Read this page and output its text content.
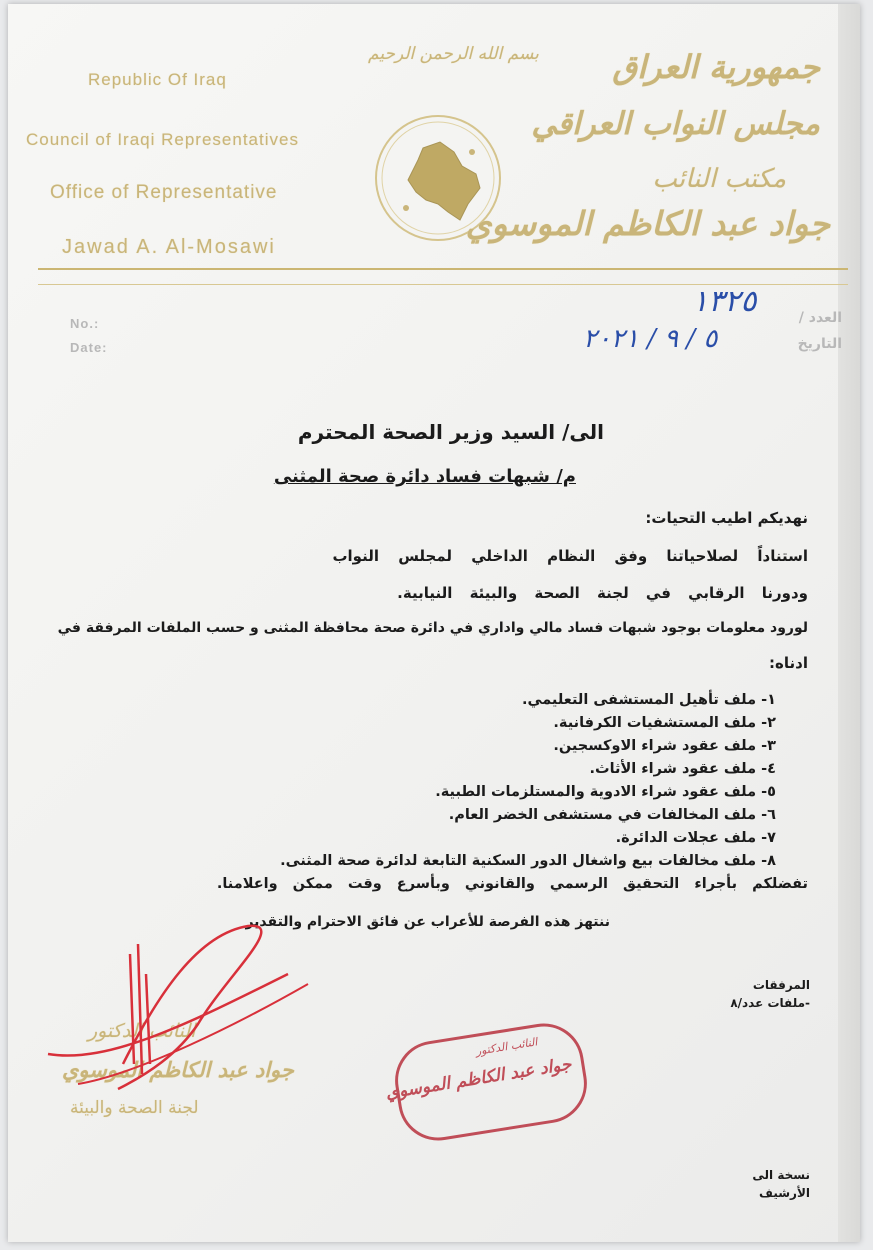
Republic Of Iraq
Council of Iraqi Representatives
Office of Representative
Jawad A. Al-Mosawi
بسم الله الرحمن الرحيم جمهورية العراق
مجلس النواب العراقي
مكتب النائب
جواد عبد الكاظم الموسوي
No.:
Date:
العدد /
التاريخ
١٣٢٥
٥ / ٩ / ٢٠٢١
الى/ السيد وزير الصحة المحترم
م/ شبهات فساد دائرة صحة المثنى
نهديكم اطيب التحيات:
استناداً لصلاحياتنا وفق النظام الداخلي لمجلس النواب
ودورنا الرقابي في لجنة الصحة والبيئة النيابية.
لورود معلومات بوجود شبهات فساد مالي واداري في دائرة صحة محافظة المثنى و حسب الملفات المرفقة في
ادناه:
١- ملف تأهيل المستشفى التعليمي.
٢- ملف المستشفيات الكرفانية.
٣- ملف عقود شراء الاوكسجين.
٤- ملف عقود شراء الأثاث.
٥- ملف عقود شراء الادوية والمستلزمات الطبية.
٦- ملف المخالفات في مستشفى الخضر العام.
٧- ملف عجلات الدائرة.
٨- ملف مخالفات بيع واشغال الدور السكنية التابعة لدائرة صحة المثنى.
تفضلكم بأجراء التحقيق الرسمي والقانوني وبأسرع وقت ممكن واعلامنا.
ننتهز هذه الفرصة للأعراب عن فائق الاحترام والتقدير
المرفقات
-ملفات عدد/٨
النائب الدكتور
جواد عبد الكاظم الموسوي
لجنة الصحة والبيئة
النائب الدكتور
جواد عبد الكاظم الموسوي
نسخة الى
الأرشيف
